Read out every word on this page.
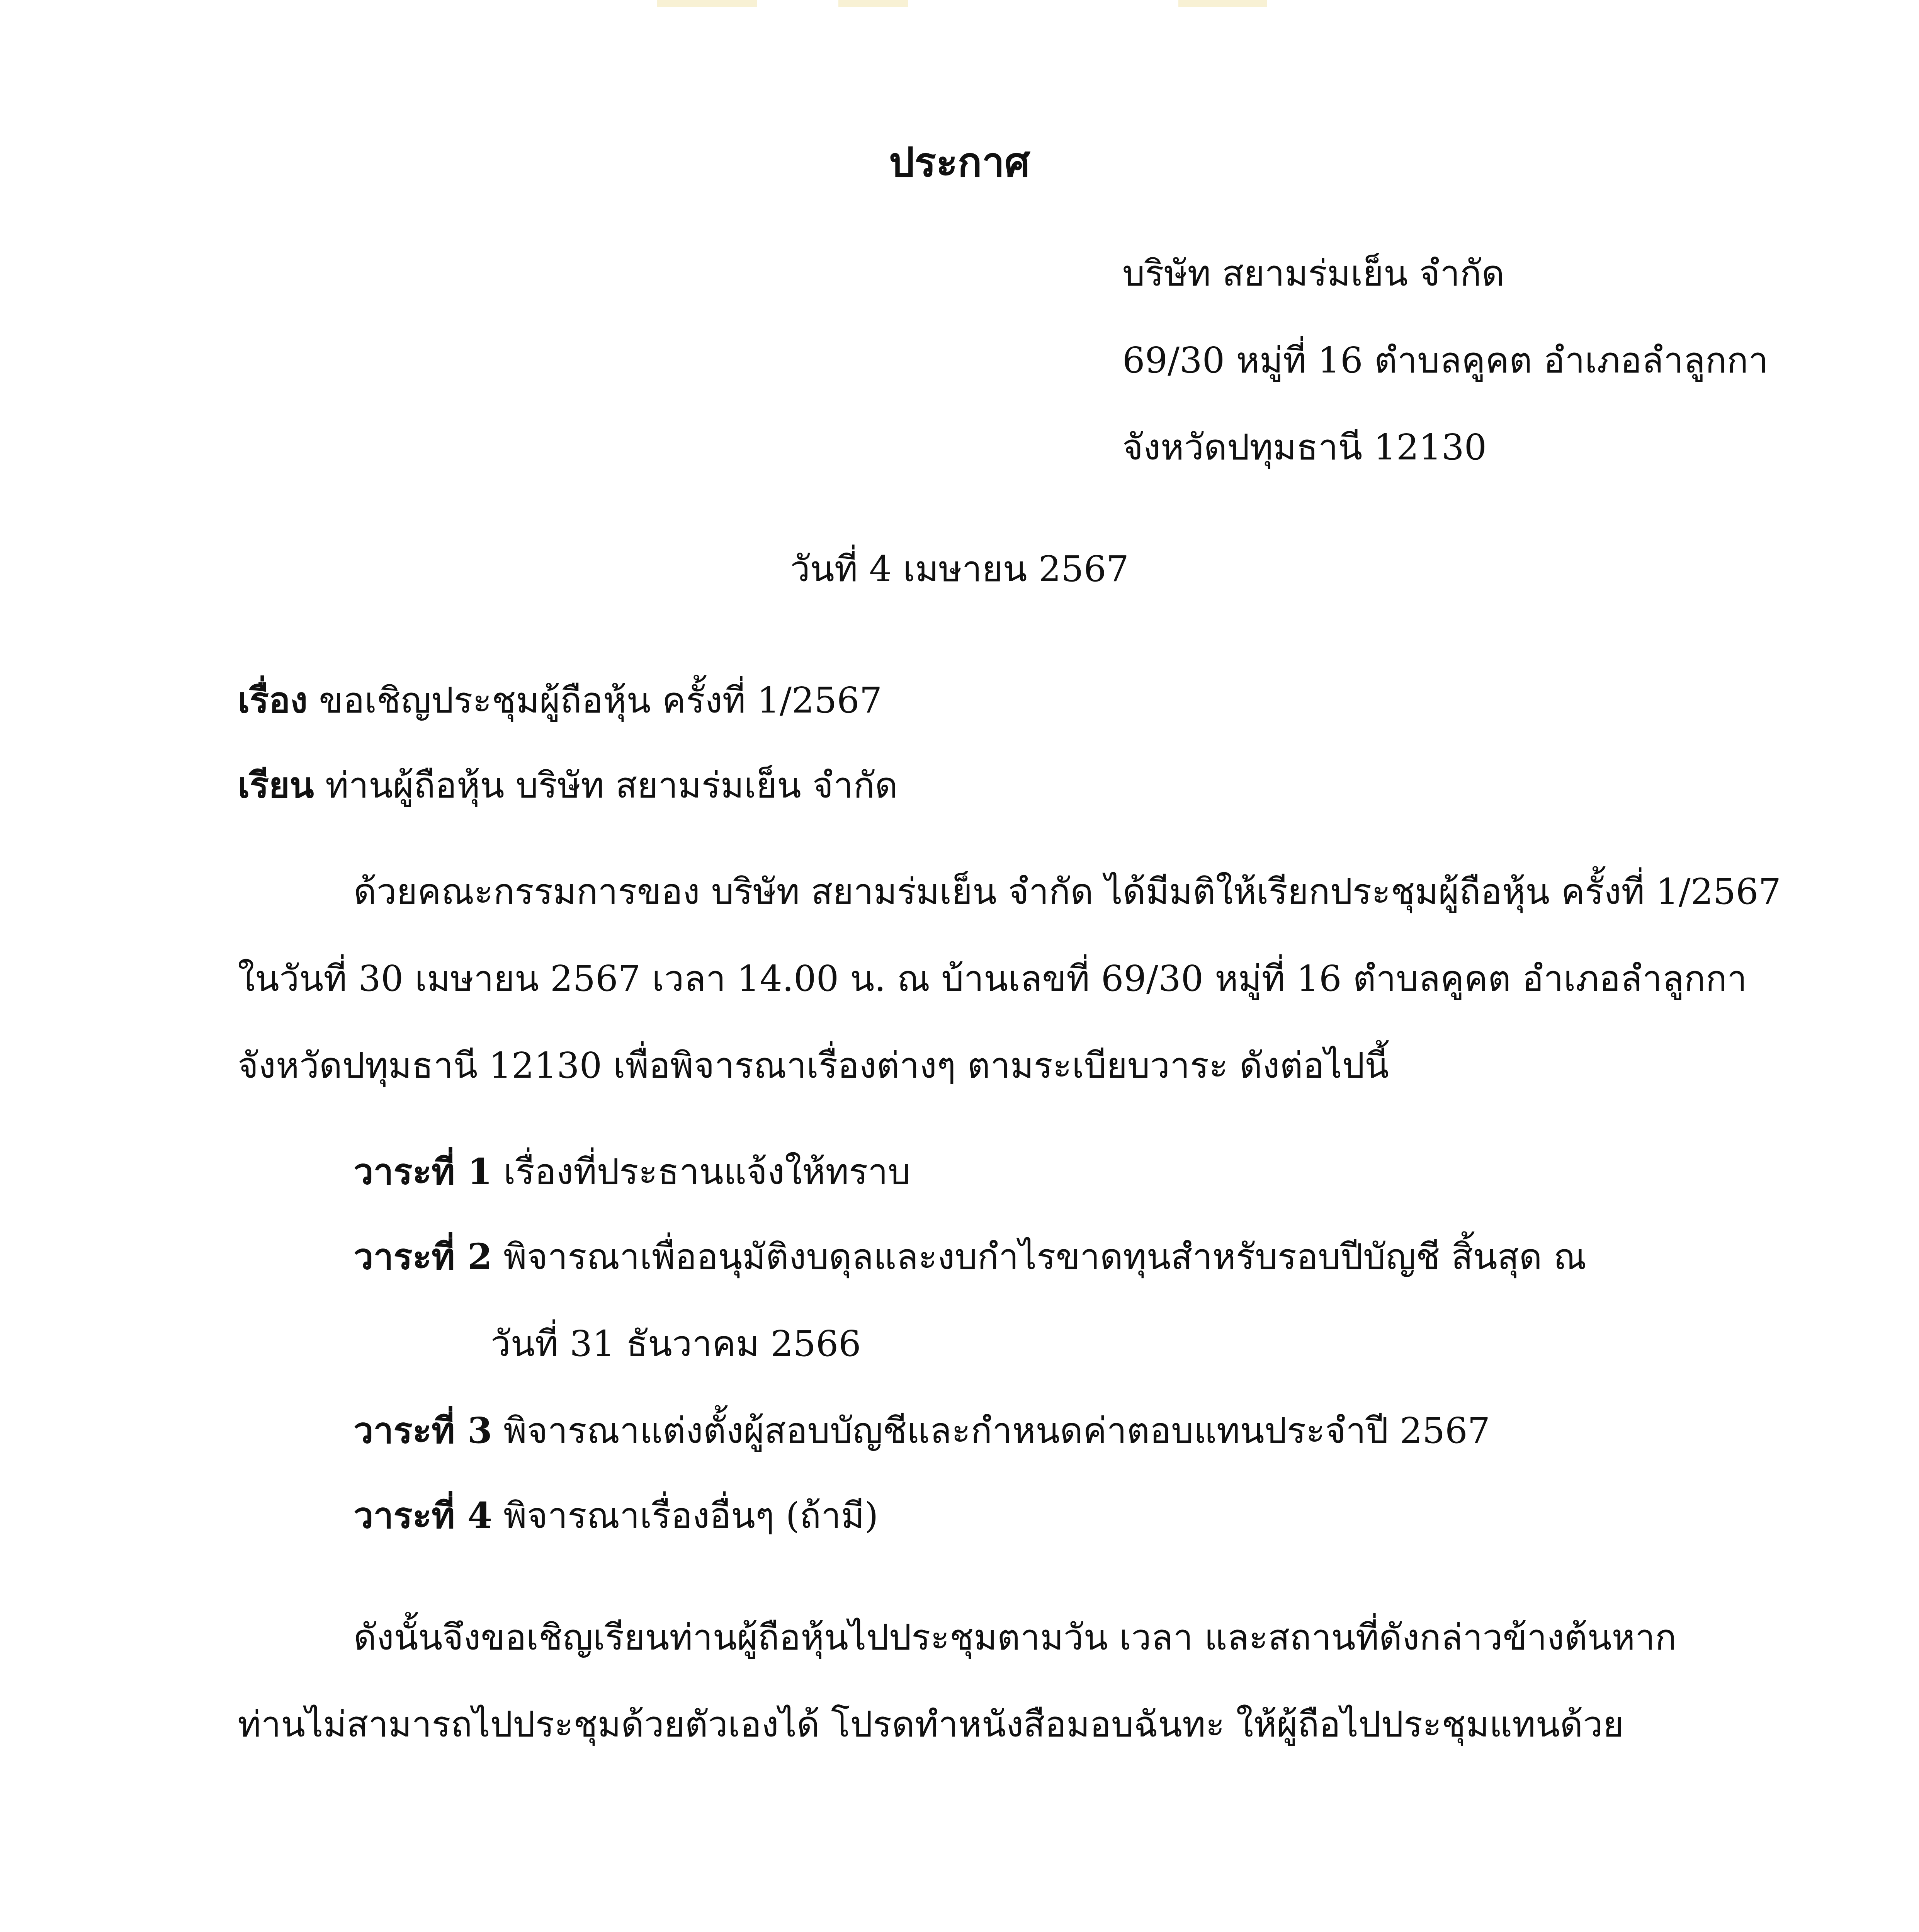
ประกาศ
บริษัท สยามร่มเย็น จำกัด
69/30 หมู่ที่ 16 ตำบลคูคต อำเภอลำลูกกา
จังหวัดปทุมธานี 12130
วันที่ 4 เมษายน 2567
เรื่อง ขอเชิญประชุมผู้ถือหุ้น ครั้งที่ 1/2567
เรียน ท่านผู้ถือหุ้น บริษัท สยามร่มเย็น จำกัด
ด้วยคณะกรรมการของ บริษัท สยามร่มเย็น จำกัด ได้มีมติให้เรียกประชุมผู้ถือหุ้น ครั้งที่ 1/2567
ในวันที่ 30 เมษายน 2567 เวลา 14.00 น. ณ บ้านเลขที่ 69/30 หมู่ที่ 16 ตำบลคูคต อำเภอลำลูกกา
จังหวัดปทุมธานี 12130 เพื่อพิจารณาเรื่องต่างๆ ตามระเบียบวาระ ดังต่อไปนี้
วาระที่ 1 เรื่องที่ประธานแจ้งให้ทราบ
วาระที่ 2 พิจารณาเพื่ออนุมัติงบดุลและงบกำไรขาดทุนสำหรับรอบปีบัญชี สิ้นสุด ณ
วันที่ 31 ธันวาคม 2566
วาระที่ 3 พิจารณาแต่งตั้งผู้สอบบัญชีและกำหนดค่าตอบแทนประจำปี 2567
วาระที่ 4 พิจารณาเรื่องอื่นๆ (ถ้ามี)
ดังนั้นจึงขอเชิญเรียนท่านผู้ถือหุ้นไปประชุมตามวัน เวลา และสถานที่ดังกล่าวข้างต้นหาก
ท่านไม่สามารถไปประชุมด้วยตัวเองได้ โปรดทำหนังสือมอบฉันทะ ให้ผู้ถือไปประชุมแทนด้วย
